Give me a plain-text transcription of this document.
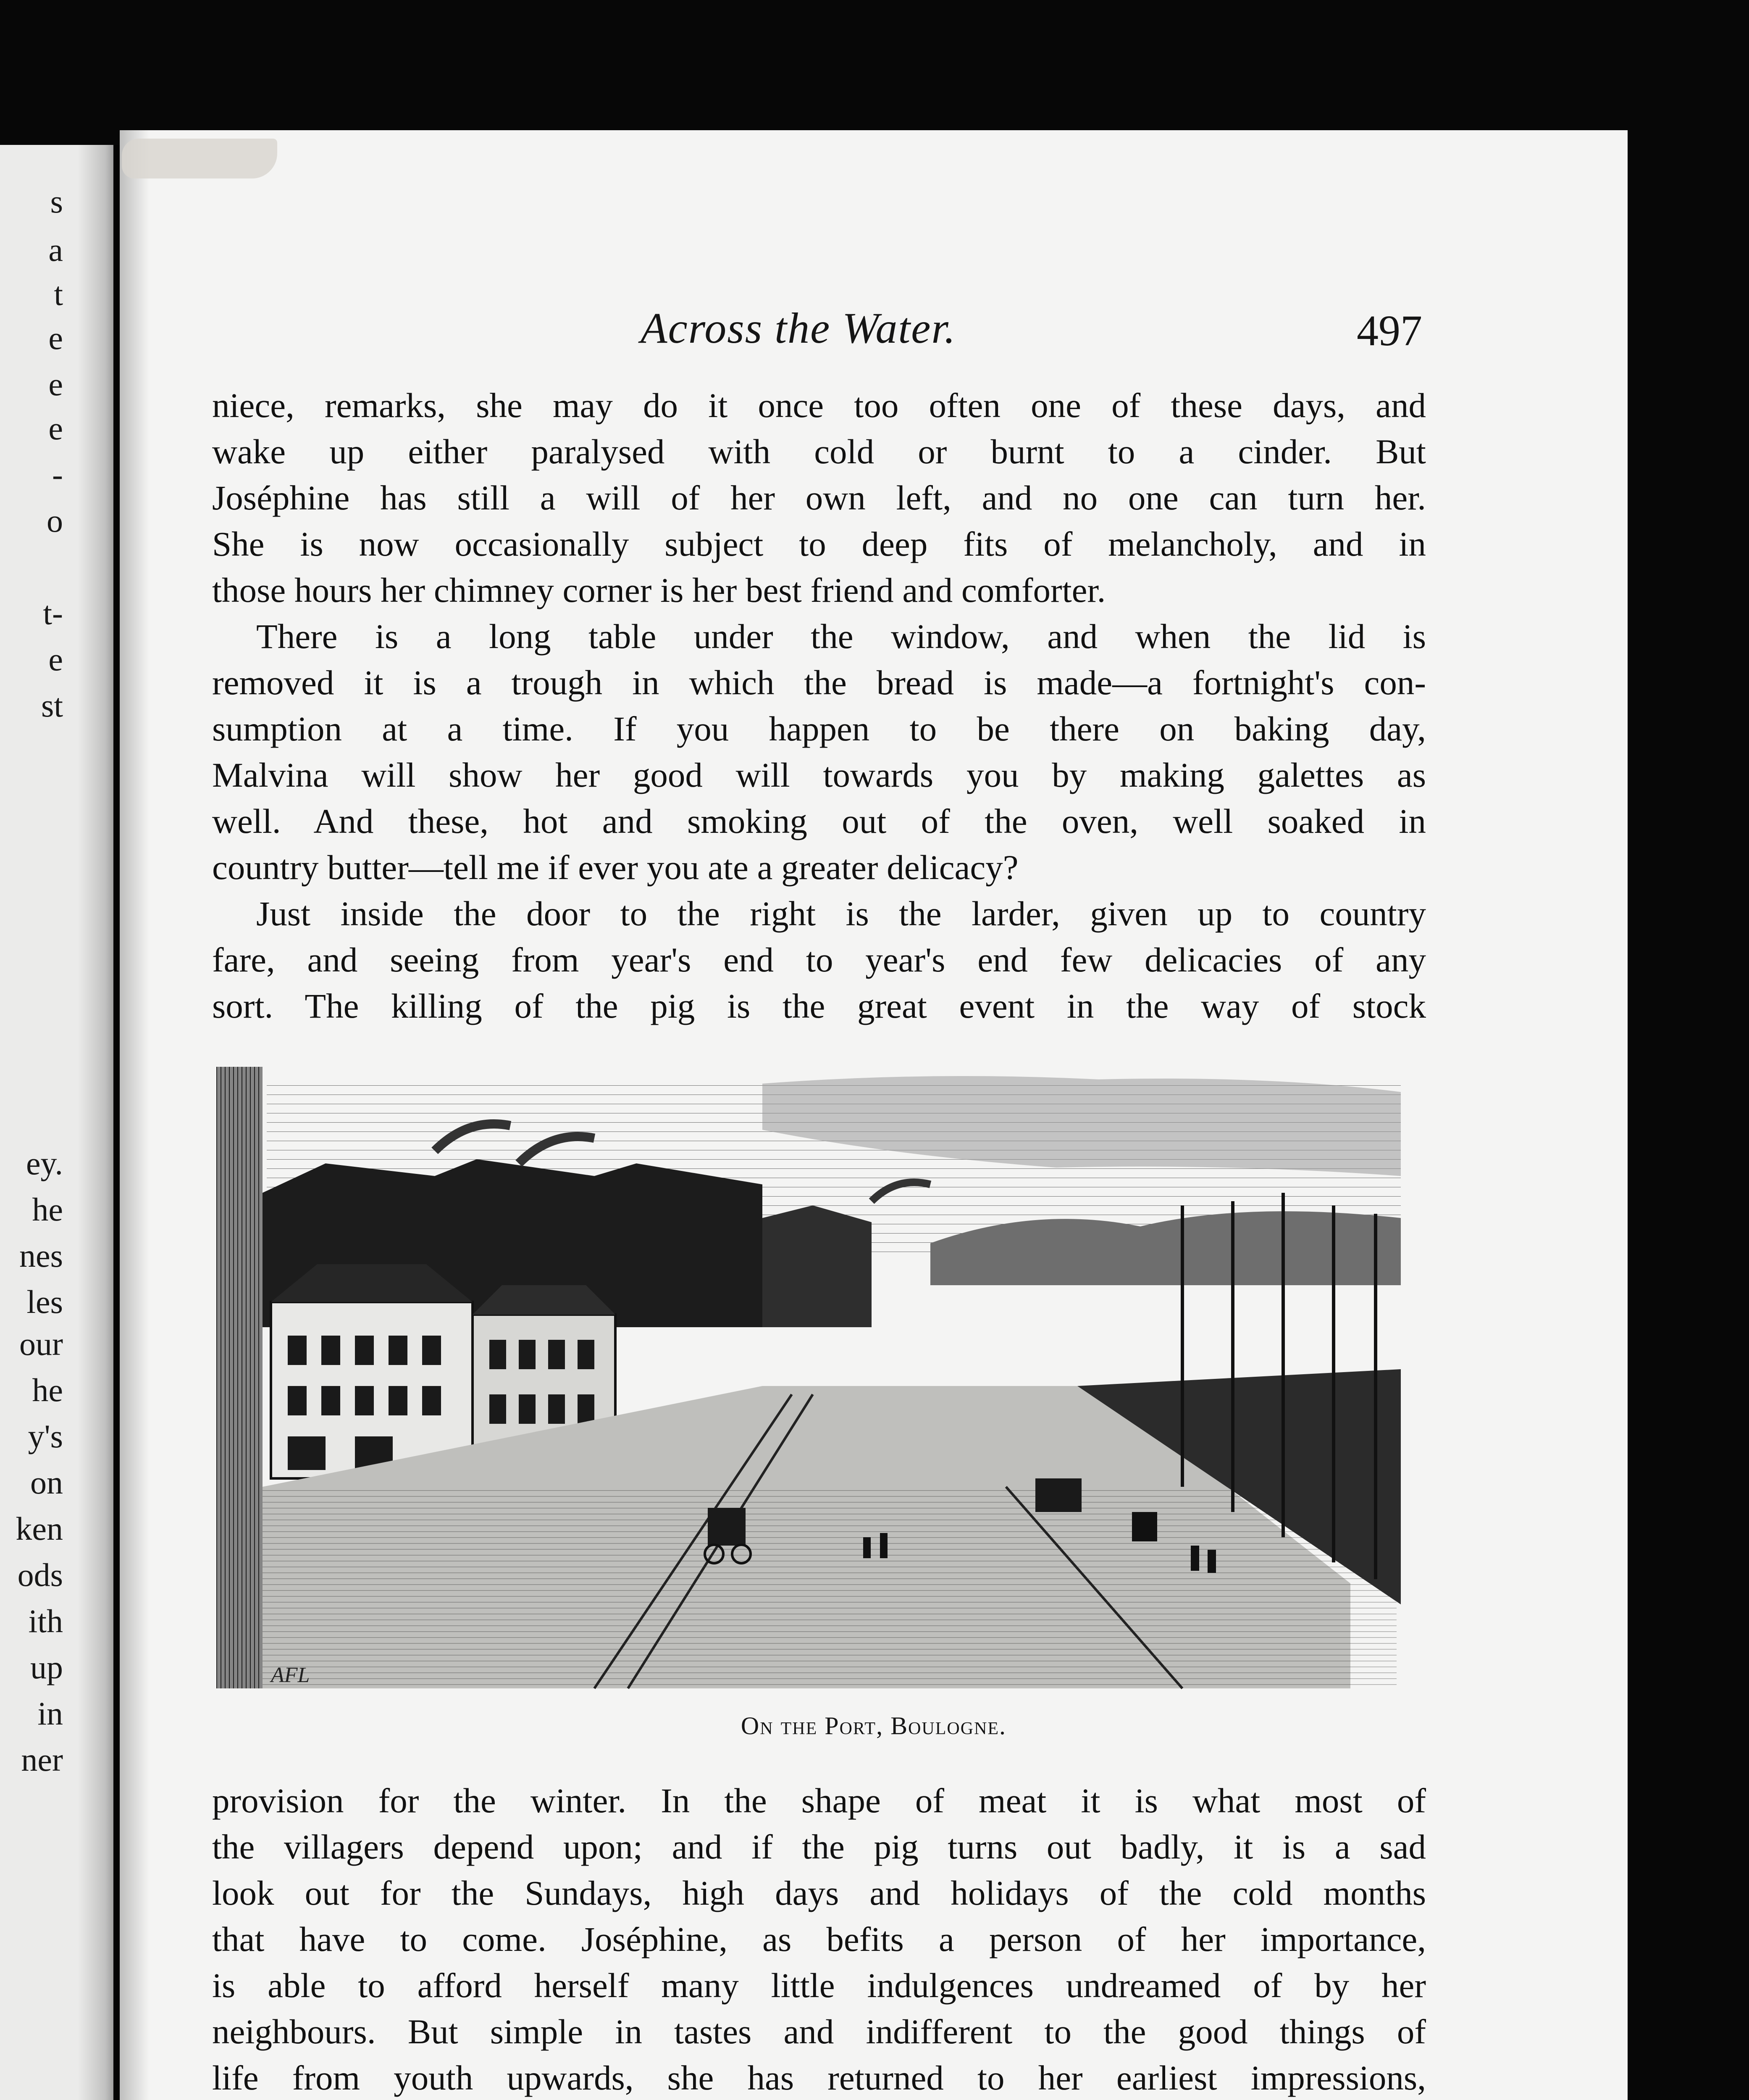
s
a
t
e
e
e
-
o
t-
e
st
ey.
he
nes
les
our
he
y's
on
ken
ods
ith
up
in
ner
Across the Water.	497
niece, remarks, she may do it once too often one of these days, and
wake up either paralysed with cold or burnt to a cinder. But
Joséphine has still a will of her own left, and no one can turn her.
She is now occasionally subject to deep fits of melancholy, and in
those hours her chimney corner is her best friend and comforter.
There is a long table under the window, and when the lid is
removed it is a trough in which the bread is made—a fortnight's con-
sumption at a time. If you happen to be there on baking day,
Malvina will show her good will towards you by making galettes as
well. And these, hot and smoking out of the oven, well soaked in
country butter—tell me if ever you ate a greater delicacy?
Just inside the door to the right is the larder, given up to country
fare, and seeing from year's end to year's end few delicacies of any
sort. The killing of the pig is the great event in the way of stock
AFL
On the Port, Boulogne.
provision for the winter. In the shape of meat it is what most of
the villagers depend upon; and if the pig turns out badly, it is a sad
look out for the Sundays, high days and holidays of the cold months
that have to come. Joséphine, as befits a person of her importance,
is able to afford herself many little indulgences undreamed of by her
neighbours. But simple in tastes and indifferent to the good things of
life from youth upwards, she has returned to her earliest impressions,
